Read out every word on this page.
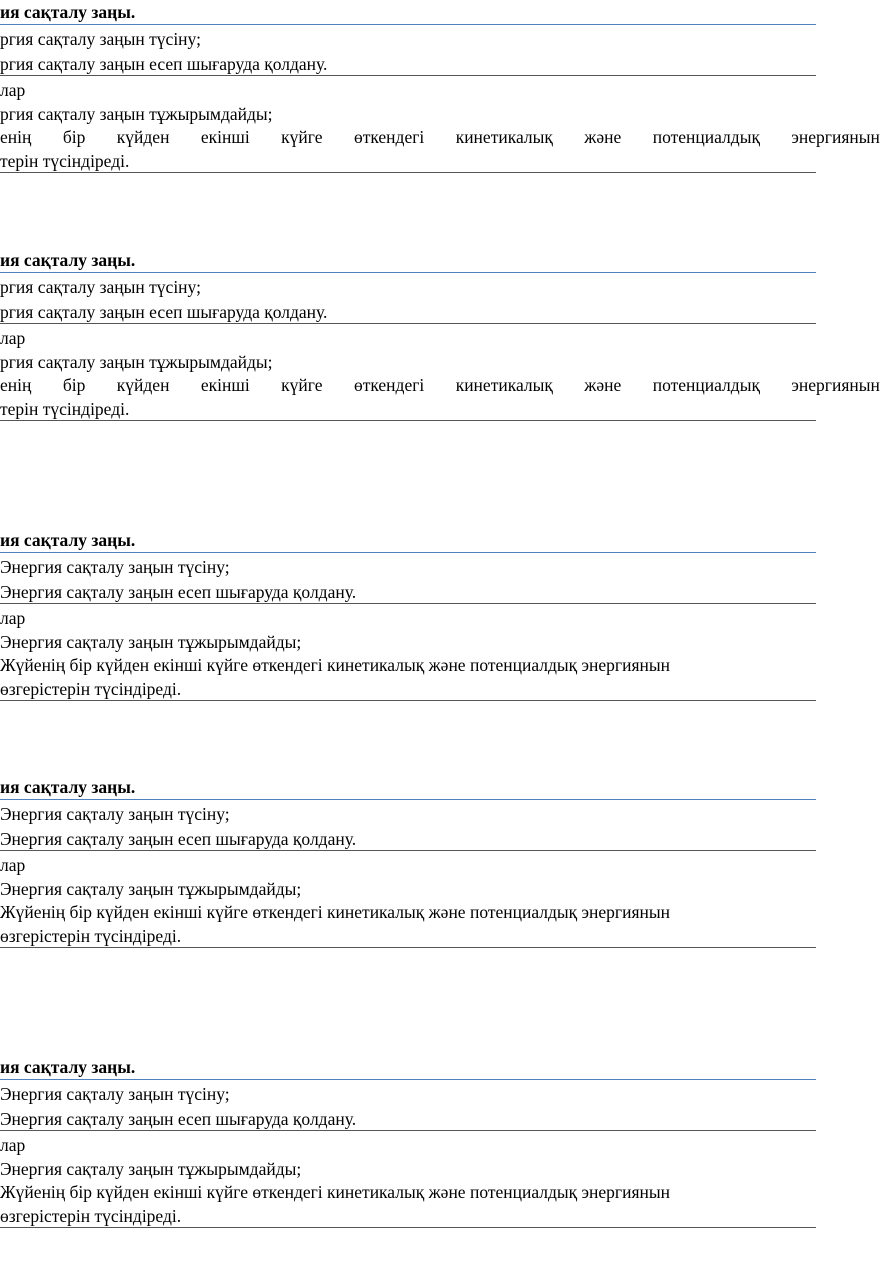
ия сақталу заңы.
ргия сақталу заңын түсіну;
ргия сақталу заңын есеп шығаруда қолдану.
лар
ргия сақталу заңын тұжырымдайды;
енің бір күйден екінші күйге өткендегі кинетикалық және потенциалдық энергиянын
терін түсіндіреді.
ия сақталу заңы.
ргия сақталу заңын түсіну;
ргия сақталу заңын есеп шығаруда қолдану.
лар
ргия сақталу заңын тұжырымдайды;
енің бір күйден екінші күйге өткендегі кинетикалық және потенциалдық энергиянын
терін түсіндіреді.
ия сақталу заңы.
Энергия сақталу заңын түсіну;
Энергия сақталу заңын есеп шығаруда қолдану.
лар
Энергия сақталу заңын тұжырымдайды;
Жүйенің бір күйден екінші күйге өткендегі кинетикалық және потенциалдық энергиянын
өзгерістерін түсіндіреді.
ия сақталу заңы.
Энергия сақталу заңын түсіну;
Энергия сақталу заңын есеп шығаруда қолдану.
лар
Энергия сақталу заңын тұжырымдайды;
Жүйенің бір күйден екінші күйге өткендегі кинетикалық және потенциалдық энергиянын
өзгерістерін түсіндіреді.
ия сақталу заңы.
Энергия сақталу заңын түсіну;
Энергия сақталу заңын есеп шығаруда қолдану.
лар
Энергия сақталу заңын тұжырымдайды;
Жүйенің бір күйден екінші күйге өткендегі кинетикалық және потенциалдық энергиянын
өзгерістерін түсіндіреді.
